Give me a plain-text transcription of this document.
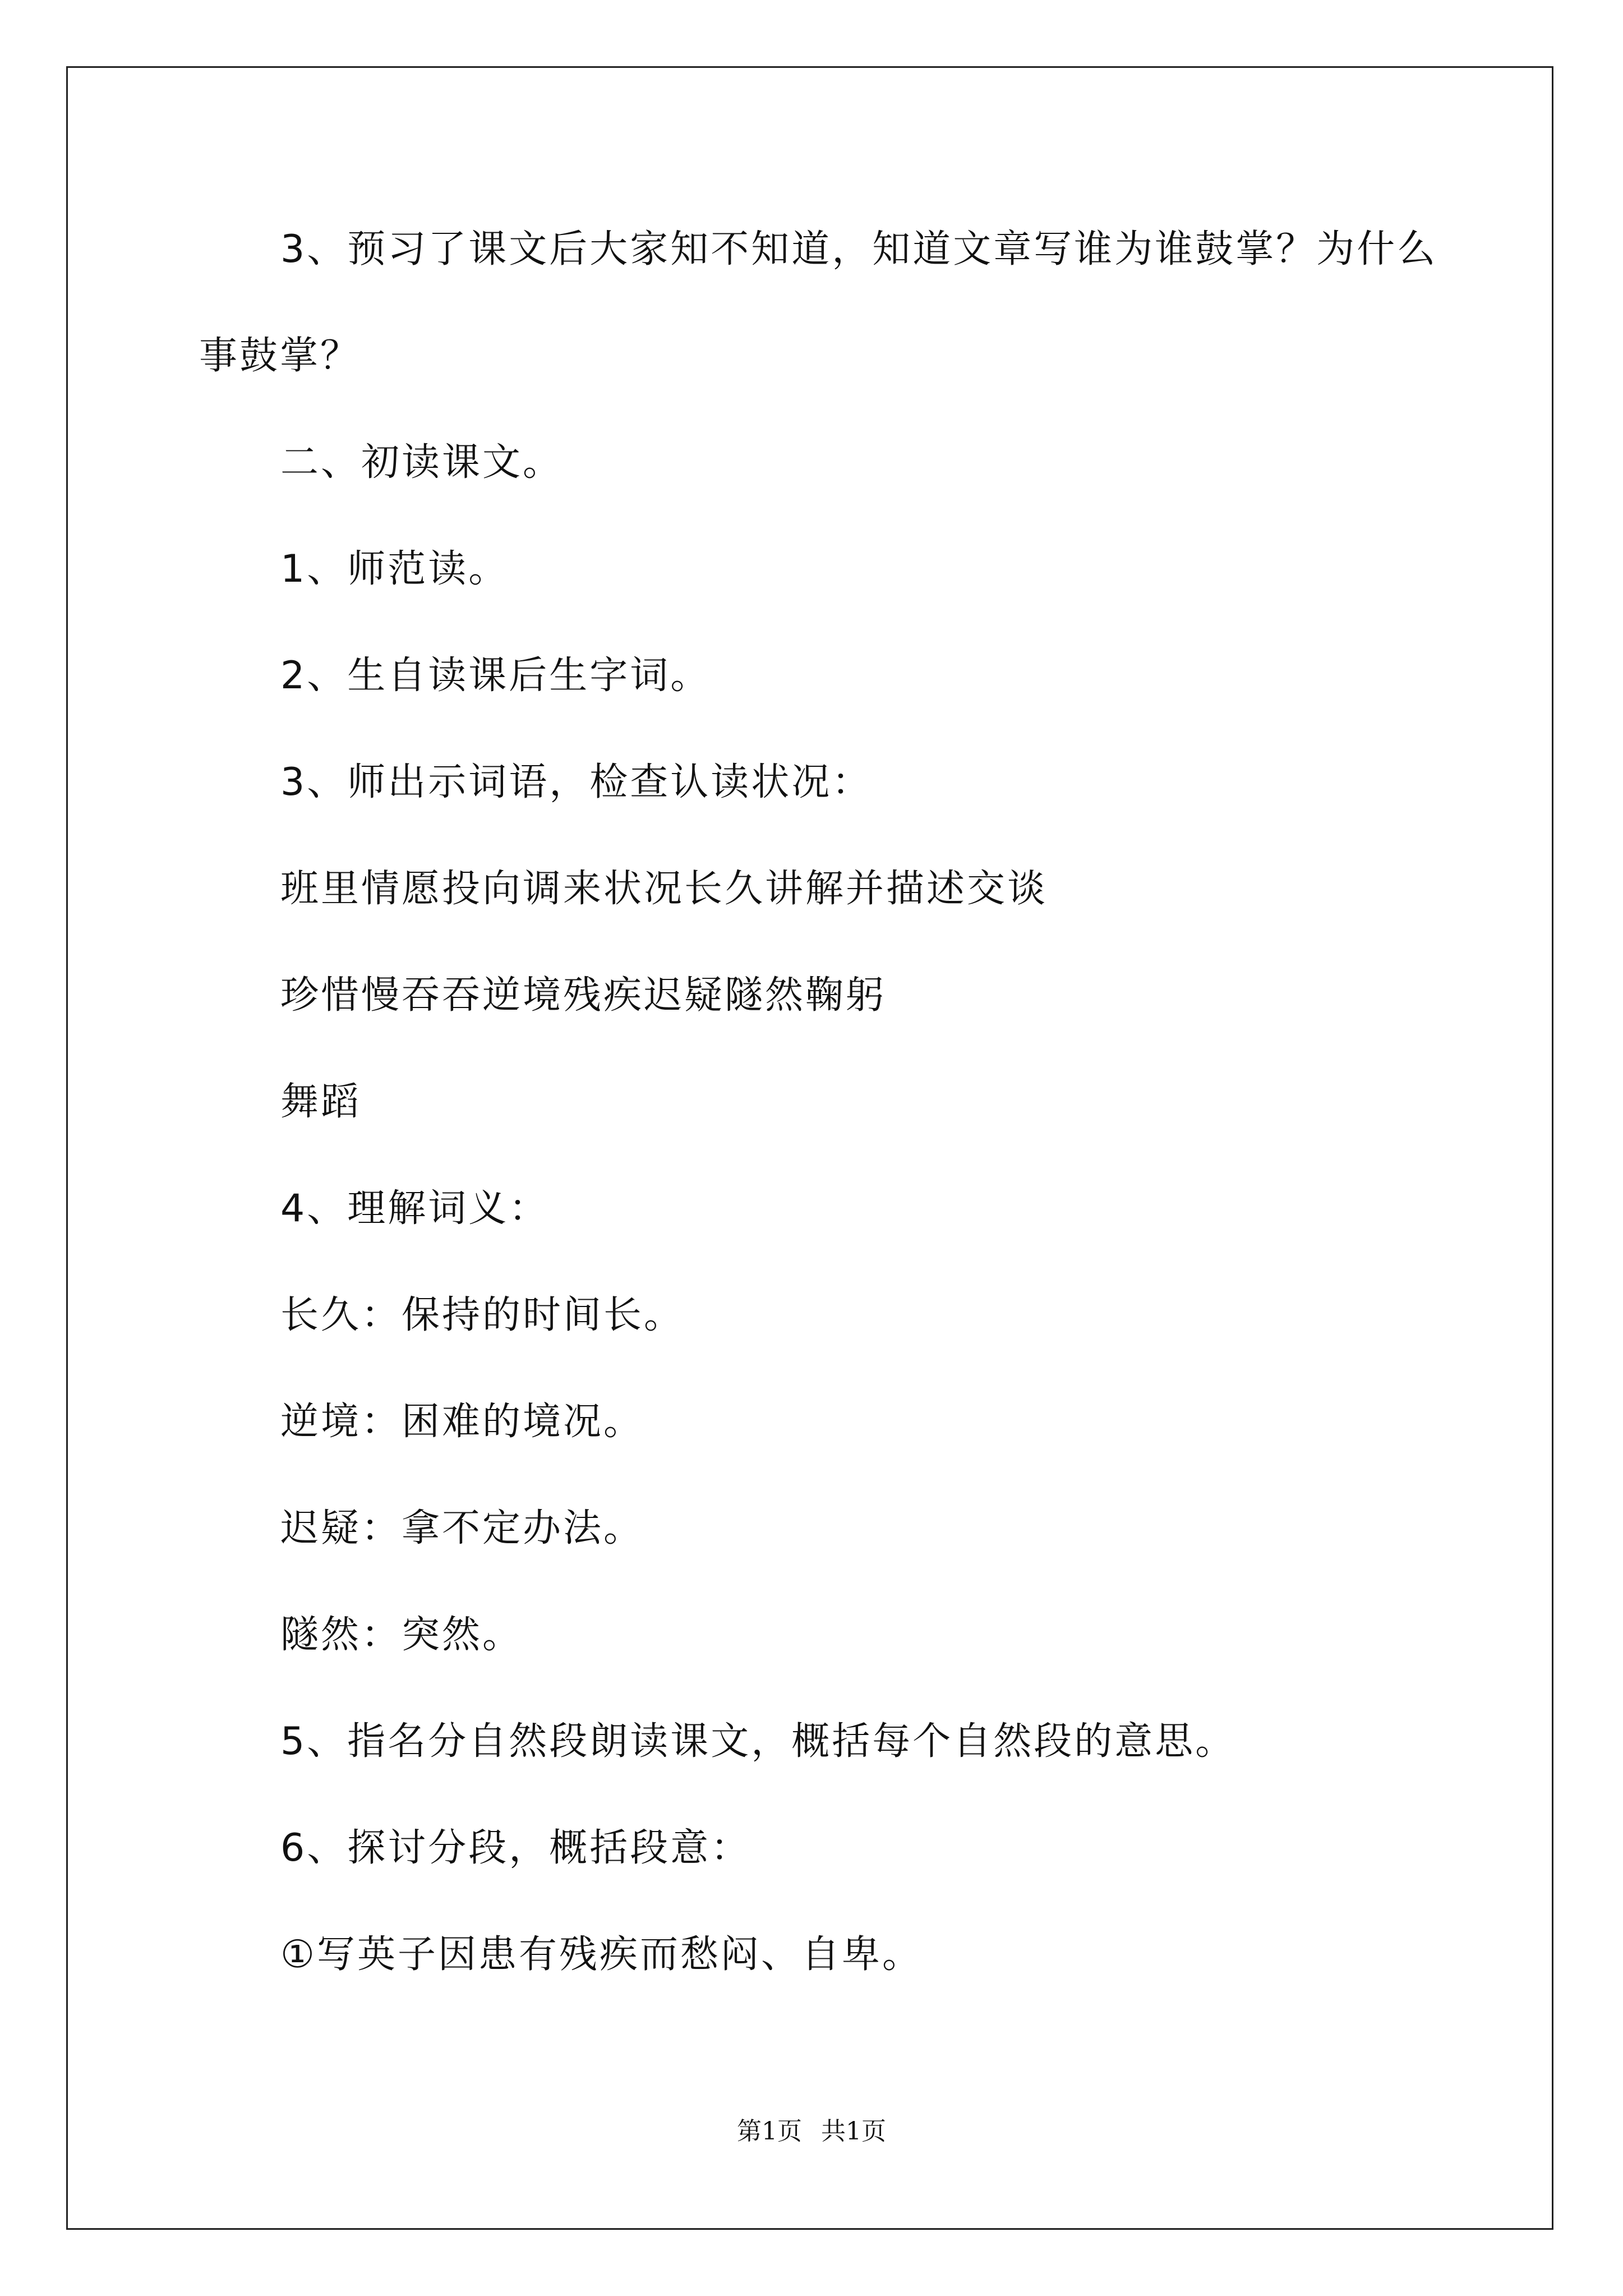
3、预习了课文后大家知不知道，知道文章写谁为谁鼓掌？为什么
事鼓掌？
二、初读课文。
1、师范读。
2、生自读课后生字词。
3、师出示词语，检查认读状况：
班里情愿投向调来状况长久讲解并描述交谈
珍惜慢吞吞逆境残疾迟疑隧然鞠躬
舞蹈
4、理解词义：
长久：保持的时间长。
逆境：困难的境况。
迟疑：拿不定办法。
隧然：突然。
5、指名分自然段朗读课文，概括每个自然段的意思。
6、探讨分段，概括段意：
①写英子因患有残疾而愁闷、自卑。
第1页 共1页
